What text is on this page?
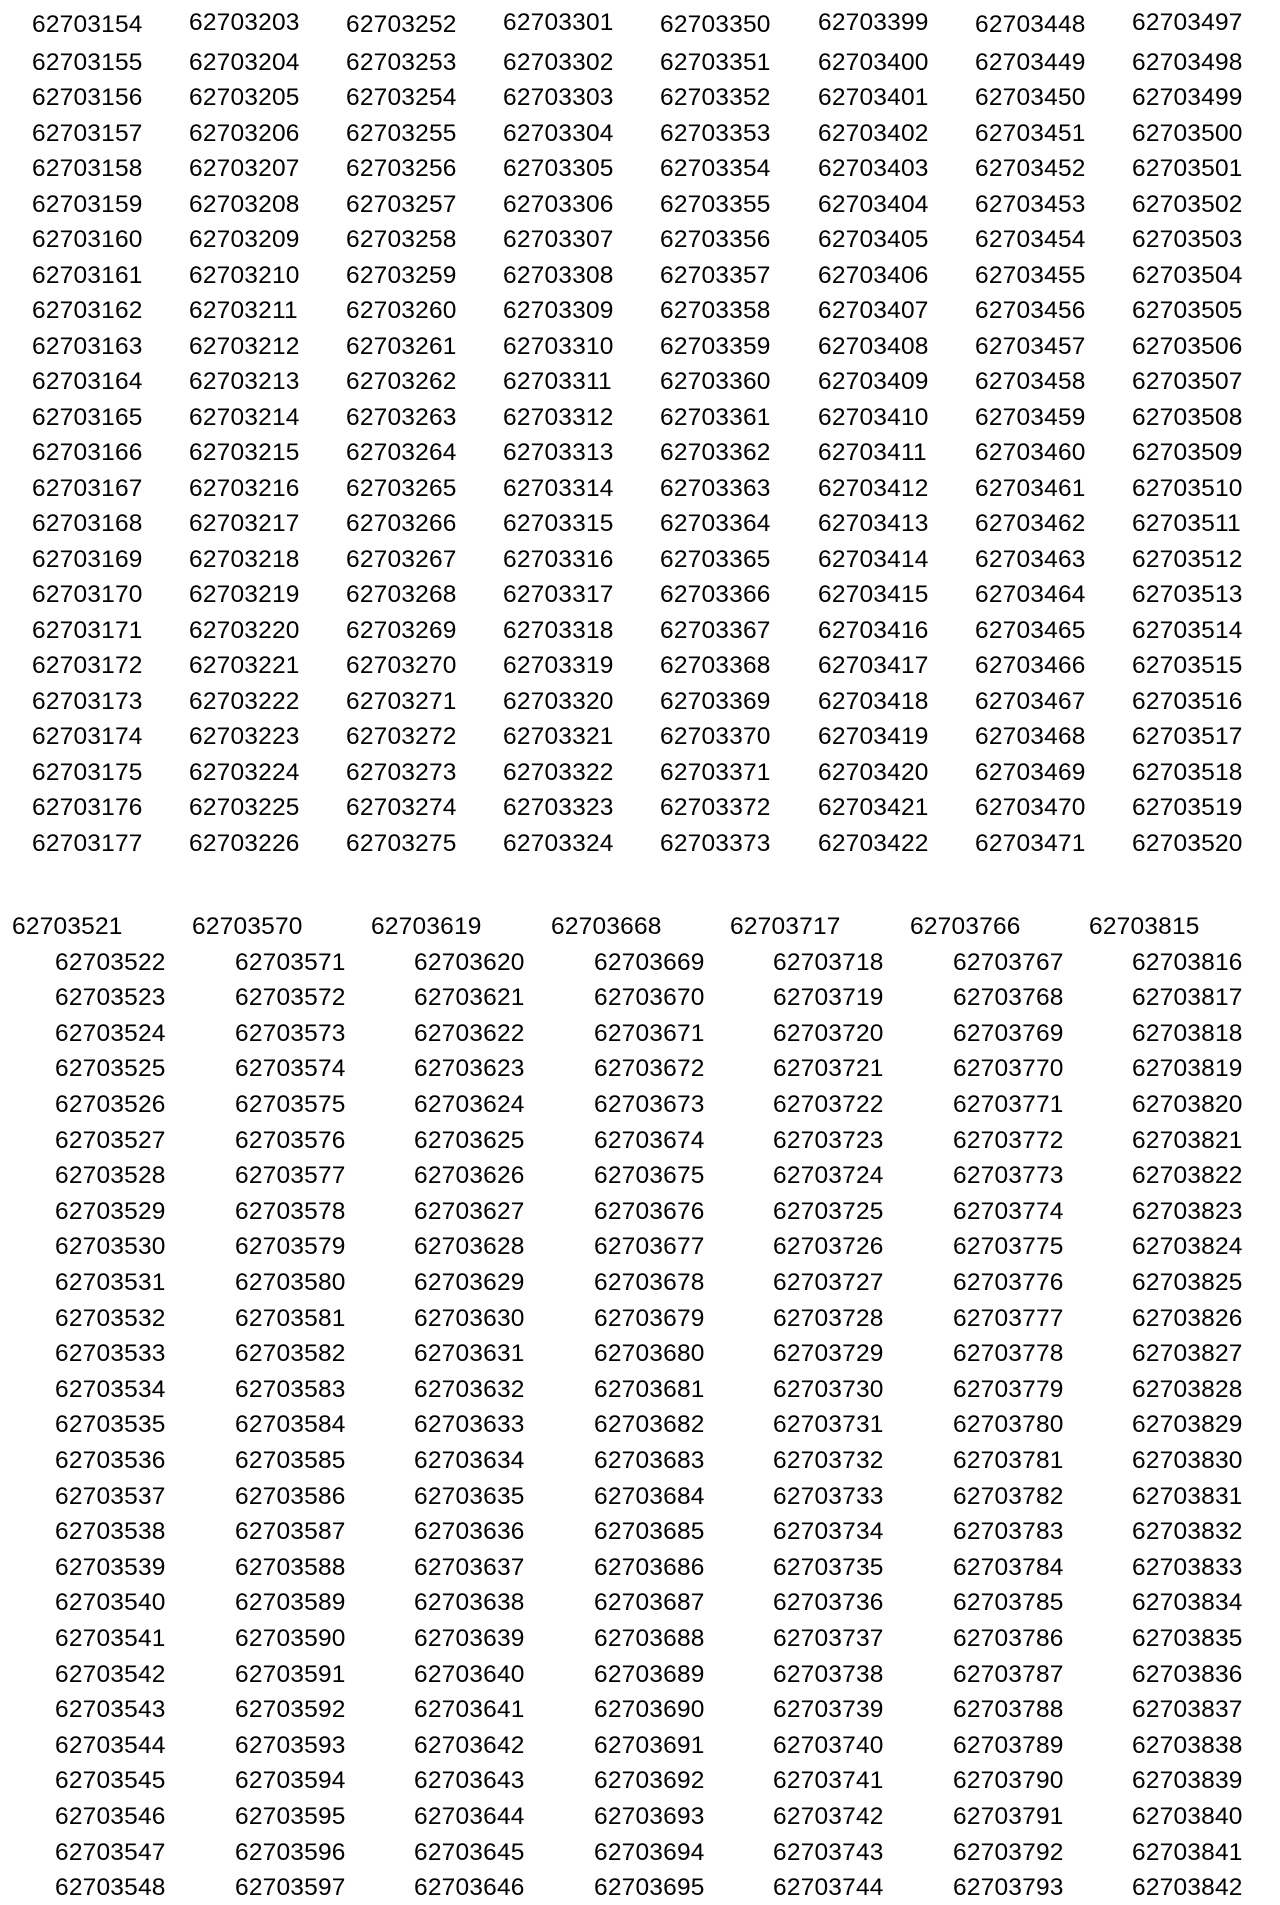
62703154
62703155
62703156
62703157
62703158
62703159
62703160
62703161
62703162
62703163
62703164
62703165
62703166
62703167
62703168
62703169
62703170
62703171
62703172
62703173
62703174
62703175
62703176
62703177
62703203
62703204
62703205
62703206
62703207
62703208
62703209
62703210
62703211
62703212
62703213
62703214
62703215
62703216
62703217
62703218
62703219
62703220
62703221
62703222
62703223
62703224
62703225
62703226
62703252
62703253
62703254
62703255
62703256
62703257
62703258
62703259
62703260
62703261
62703262
62703263
62703264
62703265
62703266
62703267
62703268
62703269
62703270
62703271
62703272
62703273
62703274
62703275
62703301
62703302
62703303
62703304
62703305
62703306
62703307
62703308
62703309
62703310
62703311
62703312
62703313
62703314
62703315
62703316
62703317
62703318
62703319
62703320
62703321
62703322
62703323
62703324
62703350
62703351
62703352
62703353
62703354
62703355
62703356
62703357
62703358
62703359
62703360
62703361
62703362
62703363
62703364
62703365
62703366
62703367
62703368
62703369
62703370
62703371
62703372
62703373
62703399
62703400
62703401
62703402
62703403
62703404
62703405
62703406
62703407
62703408
62703409
62703410
62703411
62703412
62703413
62703414
62703415
62703416
62703417
62703418
62703419
62703420
62703421
62703422
62703448
62703449
62703450
62703451
62703452
62703453
62703454
62703455
62703456
62703457
62703458
62703459
62703460
62703461
62703462
62703463
62703464
62703465
62703466
62703467
62703468
62703469
62703470
62703471
62703497
62703498
62703499
62703500
62703501
62703502
62703503
62703504
62703505
62703506
62703507
62703508
62703509
62703510
62703511
62703512
62703513
62703514
62703515
62703516
62703517
62703518
62703519
62703520
62703521
62703522
62703523
62703524
62703525
62703526
62703527
62703528
62703529
62703530
62703531
62703532
62703533
62703534
62703535
62703536
62703537
62703538
62703539
62703540
62703541
62703542
62703543
62703544
62703545
62703546
62703547
62703548
62703570
62703571
62703572
62703573
62703574
62703575
62703576
62703577
62703578
62703579
62703580
62703581
62703582
62703583
62703584
62703585
62703586
62703587
62703588
62703589
62703590
62703591
62703592
62703593
62703594
62703595
62703596
62703597
62703619
62703620
62703621
62703622
62703623
62703624
62703625
62703626
62703627
62703628
62703629
62703630
62703631
62703632
62703633
62703634
62703635
62703636
62703637
62703638
62703639
62703640
62703641
62703642
62703643
62703644
62703645
62703646
62703668
62703669
62703670
62703671
62703672
62703673
62703674
62703675
62703676
62703677
62703678
62703679
62703680
62703681
62703682
62703683
62703684
62703685
62703686
62703687
62703688
62703689
62703690
62703691
62703692
62703693
62703694
62703695
62703717
62703718
62703719
62703720
62703721
62703722
62703723
62703724
62703725
62703726
62703727
62703728
62703729
62703730
62703731
62703732
62703733
62703734
62703735
62703736
62703737
62703738
62703739
62703740
62703741
62703742
62703743
62703744
62703766
62703767
62703768
62703769
62703770
62703771
62703772
62703773
62703774
62703775
62703776
62703777
62703778
62703779
62703780
62703781
62703782
62703783
62703784
62703785
62703786
62703787
62703788
62703789
62703790
62703791
62703792
62703793
62703815
62703816
62703817
62703818
62703819
62703820
62703821
62703822
62703823
62703824
62703825
62703826
62703827
62703828
62703829
62703830
62703831
62703832
62703833
62703834
62703835
62703836
62703837
62703838
62703839
62703840
62703841
62703842
